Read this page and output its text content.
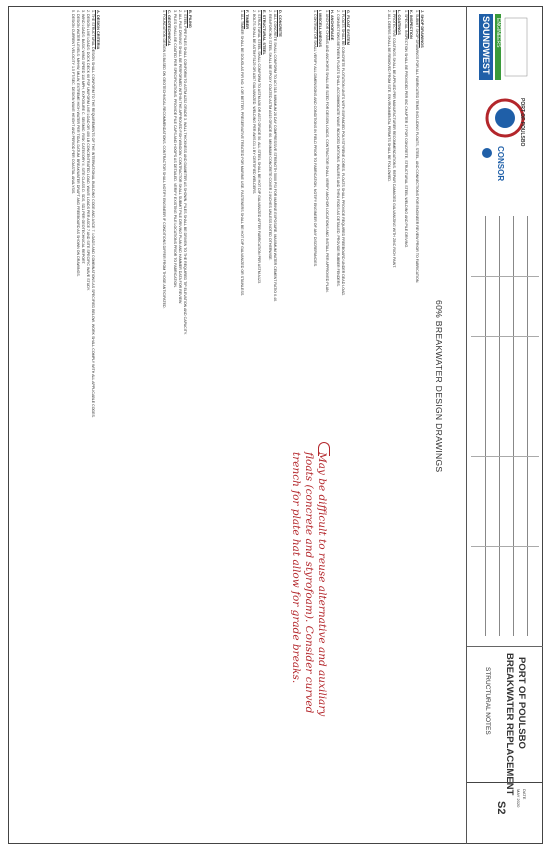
A. DESIGN CRITERIA

1. THE STRUCTURAL DESIGN SHALL CONFORM TO THE REQUIREMENTS OF THE INTERNATIONAL BUILDING CODE AND ASCE 7. LOADS AND COMBINATIONS AS SPECIFIED BELOW. WORK SHALL COMPLY WITH ALL APPLICABLE CODES.

2. DESIGN LIVE LOADS: DOCK DECK 60 PSF UNIFORM LIVE LOAD OR 400 LB CONCENTRATED LOAD. WAVE LOADS PER ASCE 7 AND SITE SPECIFIC WAVE STUDY.

3. WIND LOADS: BASIC WIND SPEED 110 MPH, EXPOSURE C. SEISMIC: RISK CATEGORY II, SITE CLASS D. SDS, SD1 PER GEOTECHNICAL REPORT.

4. DESIGN WATER LEVELS: MHHW, MLLW, EXTREME HIGH WATER PER TIDAL DATUM. BREAKWATER DRAFT AND FREEBOARD AS SHOWN ON DRAWINGS.

5. DESIGN CURRENT VELOCITY 1.5 FT/SEC. DESIGN WAVE HEIGHT AND PERIOD PER COASTAL ANALYSIS.	B. PILING

1. STEEL PIPE PILES SHALL CONFORM TO ASTM A252 GRADE 3. WALL THICKNESS AND DIAMETER AS SHOWN. PILES SHALL BE DRIVEN TO THE REQUIRED TIP ELEVATION AND CAPACITY.

2. ALL PILE DRIVING SHALL BE PERFORMED WITHIN THE APPROVED FISH WINDOW. CONTRACTOR SHALL SUBMIT PILE DRIVING PLAN AND HAMMER DATA FOR REVIEW.

3. PILES SHALL BE COATED PER SPECIFICATIONS. PROVIDE PILE CAPS AND HOOPS AS DETAILED. VERIFY EXISTING PILE LOCATIONS PRIOR TO FABRICATION.

C. GEOTECHNICAL

1. FOUNDATION DESIGN IS BASED ON GEOTECHNICAL RECOMMENDATIONS. CONTRACTOR SHALL NOTIFY ENGINEER IF CONDITIONS DIFFER FROM THOSE ANTICIPATED.	D. CONCRETE

1. ALL CONCRETE SHALL CONFORM TO ACI 318. MINIMUM 28 DAY COMPRESSIVE STRENGTH 5000 PSI FOR MARINE EXPOSURE. MAXIMUM WATER CEMENT RATIO 0.40.

2. REINFORCING STEEL SHALL BE EPOXY COATED ASTM A615 GRADE 60. MINIMUM CONCRETE COVER 2 INCHES UNLESS NOTED OTHERWISE.

E. STRUCTURAL STEEL

1. STRUCTURAL STEEL SHALL CONFORM TO ASTM A36 OR A572 GRADE 50. ALL STEEL SHALL BE HOT DIP GALVANIZED AFTER FABRICATION PER ASTM A123.

2. BOLTS SHALL BE ASTM F3125 OR A307 GALVANIZED. WELDING PER AWS D1.1 BY CERTIFIED WELDERS.

F. TIMBER

1. ALL TIMBER SHALL BE DOUGLAS FIR NO. 1 OR BETTER, PRESERVATIVE TREATED FOR MARINE USE. FASTENERS SHALL BE HOT DIP GALVANIZED OR STAINLESS.	G. FLOAT SYSTEM

1. FLOATS SHALL BE CONCRETE FLOTATION UNITS WITH EXPANDED POLYSTYRENE CORES. FLOATS SHALL PROVIDE REQUIRED FREEBOARD UNDER DEAD LOAD.

2. CONNECTIONS BETWEEN FLOATS SHALL ACCOMMODATE WAVE INDUCED MOTIONS. WALERS AND THRU RODS AS DETAILED. PROVIDE RUBBER FENDERS.

H. ANCHORAGE

1. ANCHOR CHAINS AND ANCHORS SHALL BE SIZED FOR DESIGN LOADS. CONTRACTOR SHALL VERIFY ANCHOR LOCATIONS AND INSTALL PER APPROVED PLAN.

I. MISCELLANEOUS

1. CONTRACTOR SHALL VERIFY ALL DIMENSIONS AND CONDITIONS IN FIELD PRIOR TO FABRICATION. NOTIFY ENGINEER OF ANY DISCREPANCIES.	J. SHOP DRAWINGS

1. SUBMIT SHOP DRAWINGS FOR ALL FABRICATED ITEMS INCLUDING FLOATS, STEEL, AND CONNECTIONS FOR ENGINEER REVIEW PRIOR TO FABRICATION.

K. INSPECTION

1. SPECIAL INSPECTION SHALL BE PROVIDED PER IBC CHAPTER 17 FOR CONCRETE, STRUCTURAL STEEL WELDING AND PILE DRIVING.

L. COATINGS

1. PROTECTIVE COATINGS SHALL BE APPLIED PER MANUFACTURER RECOMMENDATIONS. REPAIR DAMAGED GALVANIZING WITH ZINC RICH PAINT.

2. ALL DEBRIS SHALL BE REMOVED FROM SITE. ENVIRONMENTAL PERMITS SHALL BE FOLLOWED.

May be difficult to reuse alternative and auxiliary floats (concrete and styrofoam). Consider curved trench for plate hat allow for grade breaks.
60% BREAKWATER DESIGN DRAWINGS
SOUNDWEST ENGINEERS
PORT OF POULSBO
CONSOR
PORT OF POULSBO
BREAKWATER REPLACEMENT
STRUCTURAL NOTES
DATE
MAY 2020
S2
